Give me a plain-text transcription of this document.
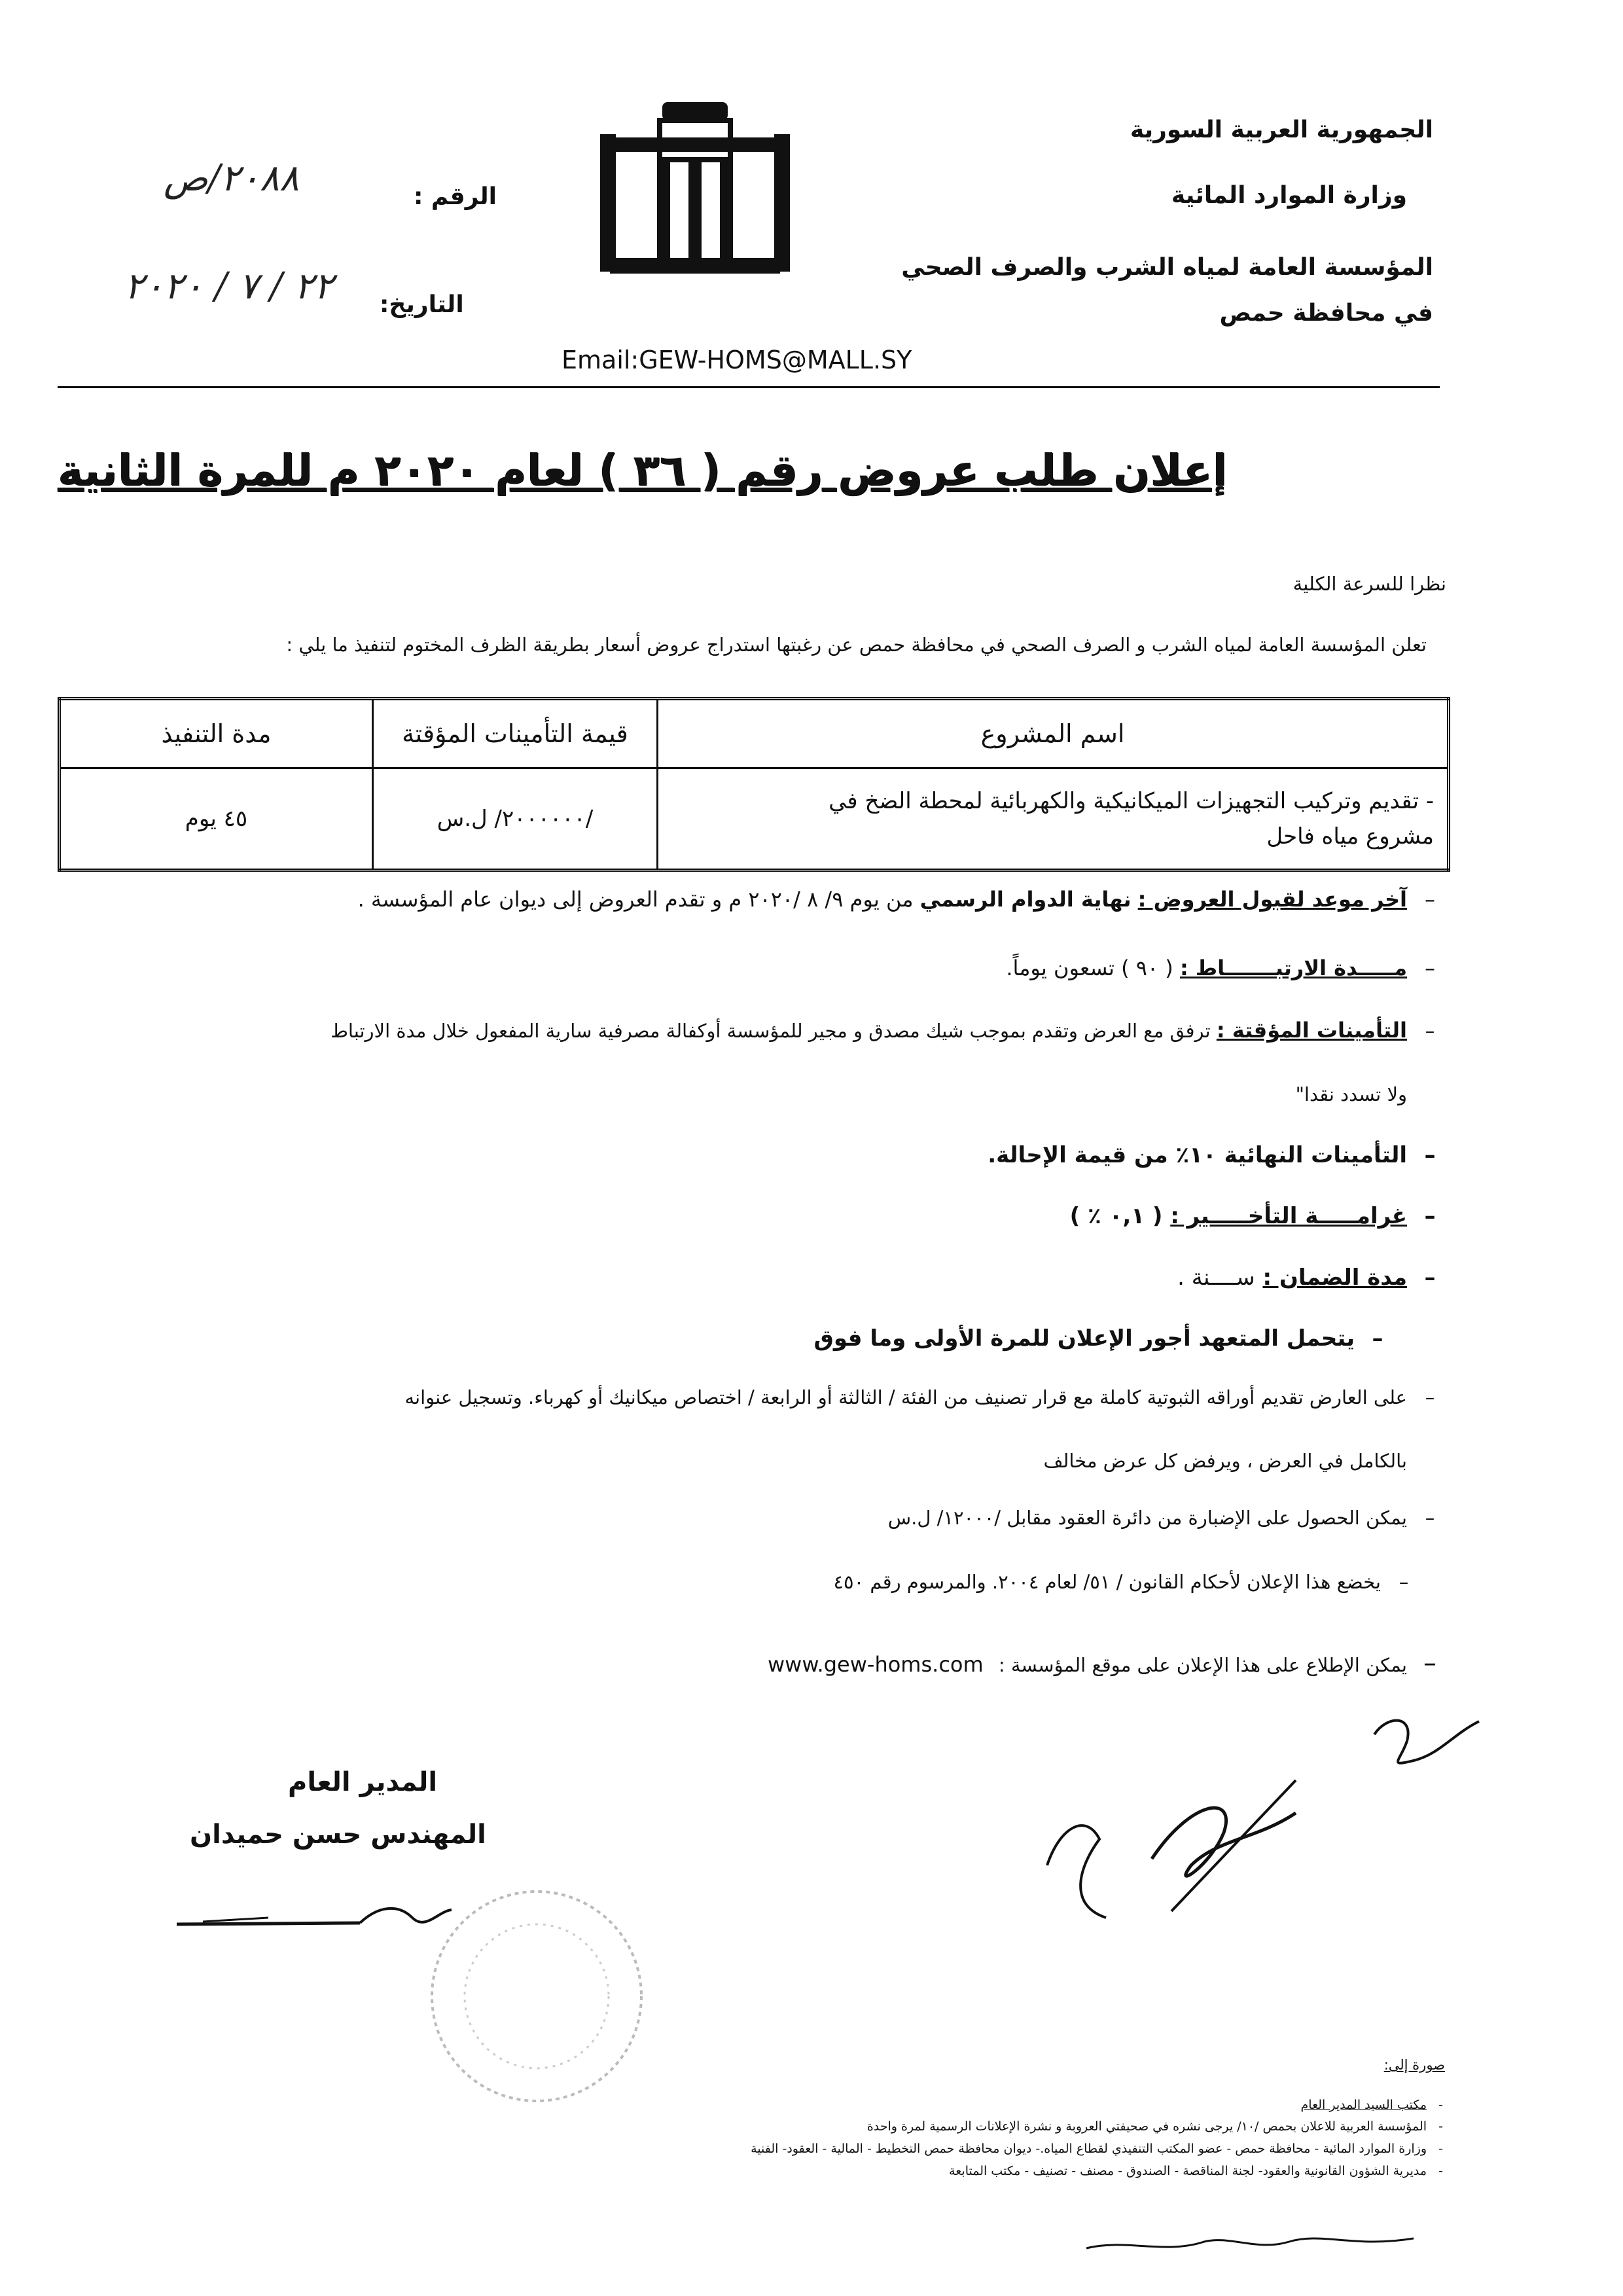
الجمهورية العربية السورية
وزارة الموارد المائية
المؤسسة العامة لمياه الشرب والصرف الصحي
في محافظة حمص
الرقم :
٢٠٨٨/ص
التاريخ:
٢٢ / ٧ / ٢٠٢٠
Email:GEW-HOMS@MALL.SY
إعلان طلب عروض رقم ( ٣٦ ) لعام ٢٠٢٠ م للمرة الثانية
نظرا للسرعة الكلية
تعلن المؤسسة العامة لمياه الشرب و الصرف الصحي في محافظة حمص عن رغبتها استدراج عروض أسعار بطريقة الظرف المختوم لتنفيذ ما يلي :
اسم المشروع	قيمة التأمينات المؤقتة	مدة التنفيذ

- تقديم وتركيب التجهيزات الميكانيكية والكهربائية لمحطة الضخ في
مشروع مياه فاحل	/٢٠٠٠٠٠٠/ ل.س	٤٥ يوم
–آخر موعد لقبول العروض : نهاية الدوام الرسمي من يوم ٩/ ٨ /٢٠٢٠ م و تقدم العروض إلى ديوان عام المؤسسة .
–مـــــدة الارتبـــــــاط : ( ٩٠ ) تسعون يوماً.
–التأمينات المؤقتة : ترفق مع العرض وتقدم بموجب شيك مصدق و مجير للمؤسسة أوكفالة مصرفية سارية المفعول خلال مدة الارتباط
ولا تسدد نقدا"
–التأمينات النهائية ١٠٪ من قيمة الإحالة.
–غرامـــــة التأخـــــير : ( ٠,١ ٪ )
–مدة الضمان : ســــنة .
–يتحمل المتعهد أجور الإعلان للمرة الأولى وما فوق
–على العارض تقديم أوراقه الثبوتية كاملة مع قرار تصنيف من الفئة / الثالثة أو الرابعة / اختصاص ميكانيك أو كهرباء. وتسجيل عنوانه
بالكامل في العرض ، ويرفض كل عرض مخالف
–يمكن الحصول على الإضبارة من دائرة العقود مقابل /١٢٠٠٠/ ل.س
–يخضع هذا الإعلان لأحكام القانون / ٥١/ لعام ٢٠٠٤. والمرسوم رقم ٤٥٠
–يمكن الإطلاع على هذا الإعلان على موقع المؤسسة : www.gew-homs.com
المدير العام
المهندس حسن حميدان
صورة إلى:
-   مكتب السيد المدير العام
-   المؤسسة العربية للاعلان بحمص /١٠/ يرجى نشره في صحيفتي العروبة و نشرة الإعلانات الرسمية لمرة واحدة
-   وزارة الموارد المائية - محافظة حمص - عضو المكتب التنفيذي لقطاع المياه.- ديوان محافظة حمص التخطيط - المالية - العقود- الفنية
-   مديرية الشؤون القانونية والعقود- لجنة المناقصة - الصندوق - مصنف - تصنيف - مكتب المتابعة
